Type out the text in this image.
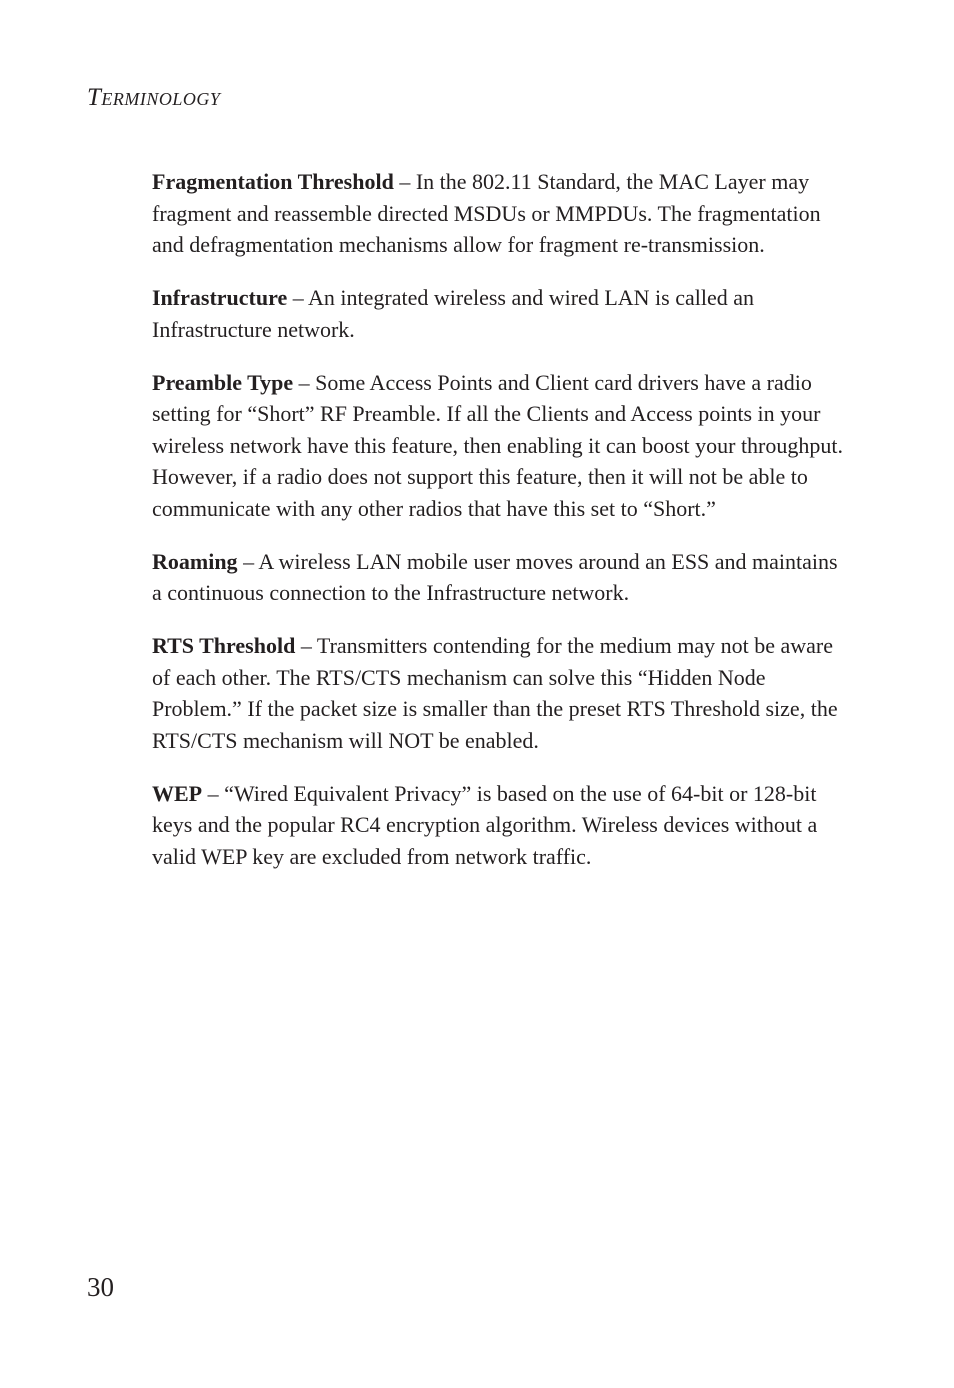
Terminology

Fragmentation Threshold – In the 802.11 Standard, the MAC Layer may fragment and reassemble directed MSDUs or MMPDUs. The fragmentation and defragmentation mechanisms allow for fragment re-transmission.

Infrastructure – An integrated wireless and wired LAN is called an Infrastructure network.

Preamble Type – Some Access Points and Client card drivers have a radio setting for “Short” RF Preamble. If all the Clients and Access points in your wireless network have this feature, then enabling it can boost your throughput. However, if a radio does not support this feature, then it will not be able to communicate with any other radios that have this set to “Short.”

Roaming – A wireless LAN mobile user moves around an ESS and maintains a continuous connection to the Infrastructure network.

RTS Threshold – Transmitters contending for the medium may not be aware of each other. The RTS/CTS mechanism can solve this “Hidden Node Problem.” If the packet size is smaller than the preset RTS Threshold size, the RTS/CTS mechanism will NOT be enabled.

WEP – “Wired Equivalent Privacy” is based on the use of 64-bit or 128-bit keys and the popular RC4 encryption algorithm. Wireless devices without a valid WEP key are excluded from network traffic.

30
